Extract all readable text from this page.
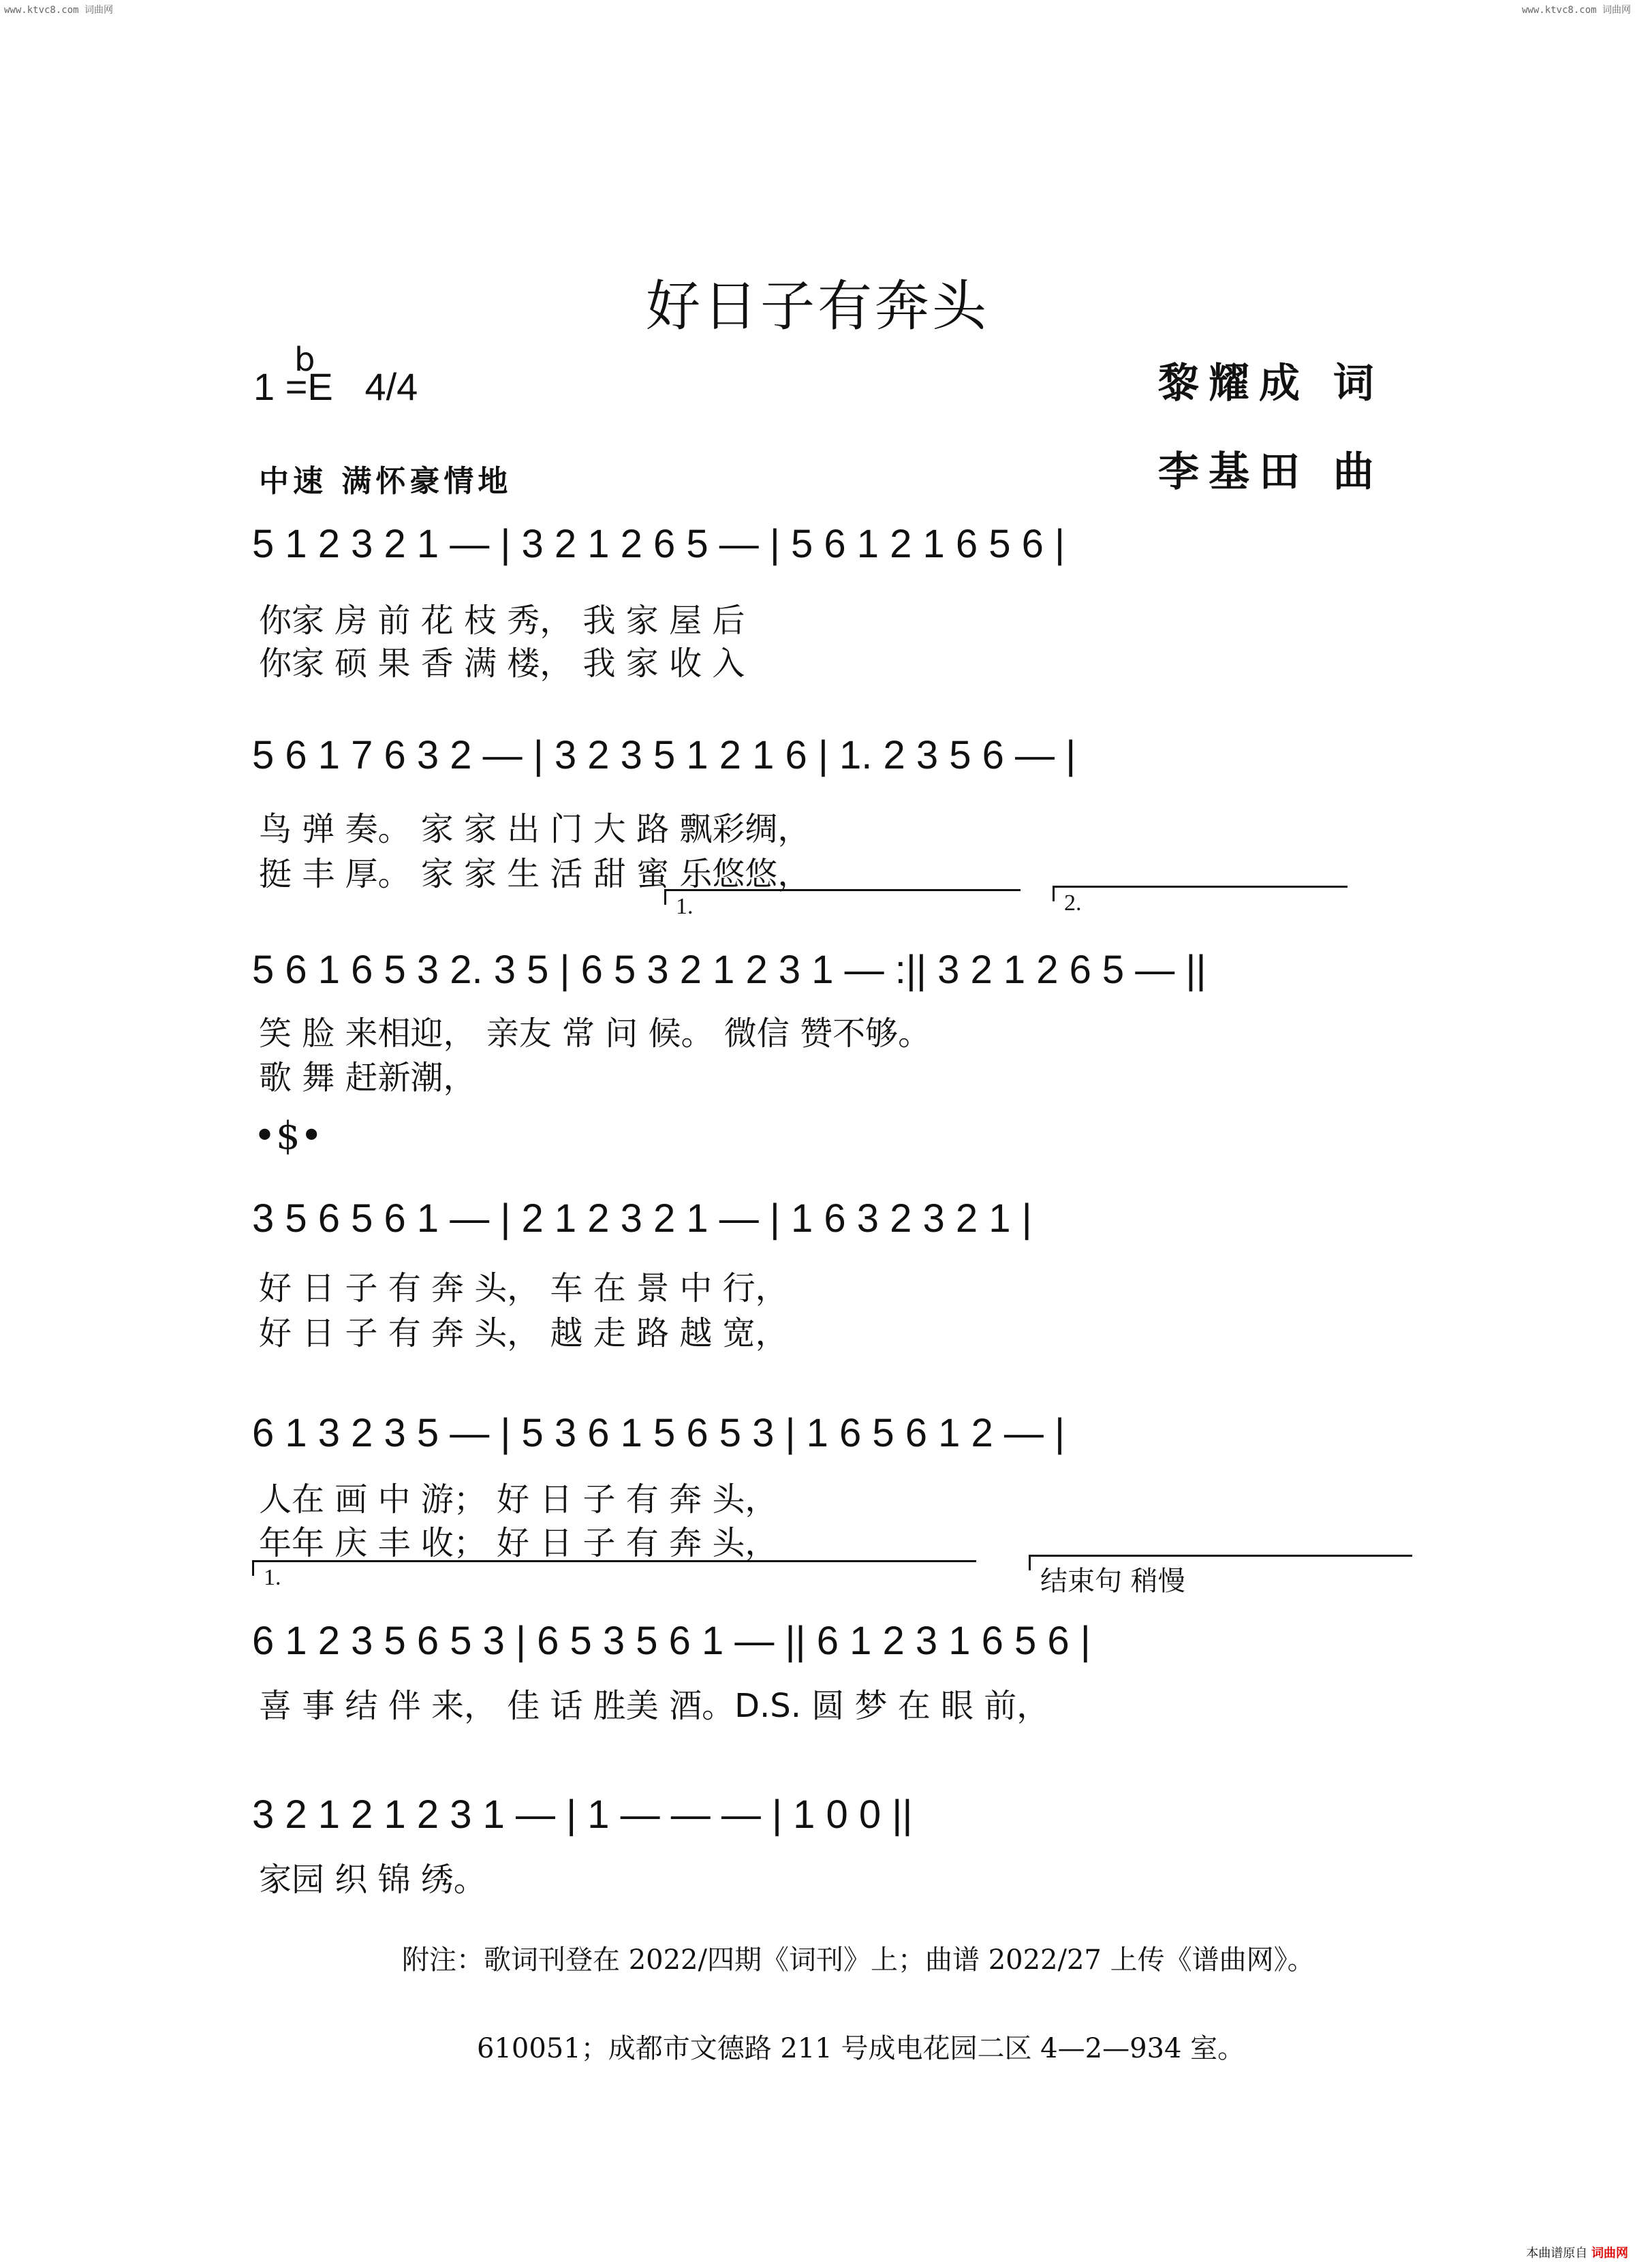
www.ktvc8.com 词曲网	www.ktvc8.com 词曲网
好日子有奔头
1 =E 4/4
b	黎耀成 词
李基田 曲
中速 满怀豪情地
5 1 2 3 2 1 — | 3 2 1 2 6 5 — | 5 6 1 2 1 6 5 6 |
你家 房 前 花 枝 秀， 我 家 屋 后
你家 硕 果 香 满 楼， 我 家 收 入
5 6 1 7 6 3 2 — | 3 2 3 5 1 2 1 6 | 1. 2 3 5 6 — |
鸟 弹 奏。 家 家 出 门 大 路 飘彩绸，
挺 丰 厚。 家 家 生 活 甜 蜜 乐悠悠，
1.	2.
5 6 1 6 5 3 2. 3 5 | 6 5 3 2 1 2 3 1 — :|| 3 2 1 2 6 5 — ||
笑 脸 来相迎， 亲友 常 问 候。 微信 赞不够。
歌 舞 赶新潮，
•$•
3 5 6 5 6 1 — | 2 1 2 3 2 1 — | 1 6 3 2 3 2 1 |
好 日 子 有 奔 头， 车 在 景 中 行，
好 日 子 有 奔 头， 越 走 路 越 宽，
6 1 3 2 3 5 — | 5 3 6 1 5 6 5 3 | 1 6 5 6 1 2 — |
人在 画 中 游； 好 日 子 有 奔 头，
年年 庆 丰 收； 好 日 子 有 奔 头，
1.	结束句 稍慢
6 1 2 3 5 6 5 3 | 6 5 3 5 6 1 — || 6 1 2 3 1 6 5 6 |
喜 事 结 伴 来， 佳 话 胜美 酒。D.S. 圆 梦 在 眼 前，
3 2 1 2 1 2 3 1 — | 1 — — — | 1 0 0 ||
家园 织 锦 绣。
附注：歌词刊登在 2022/四期《词刊》上；曲谱 2022/27 上传《谱曲网》。
610051；成都市文德路 211 号成电花园二区 4—2—934 室。
本曲谱原自 词曲网
